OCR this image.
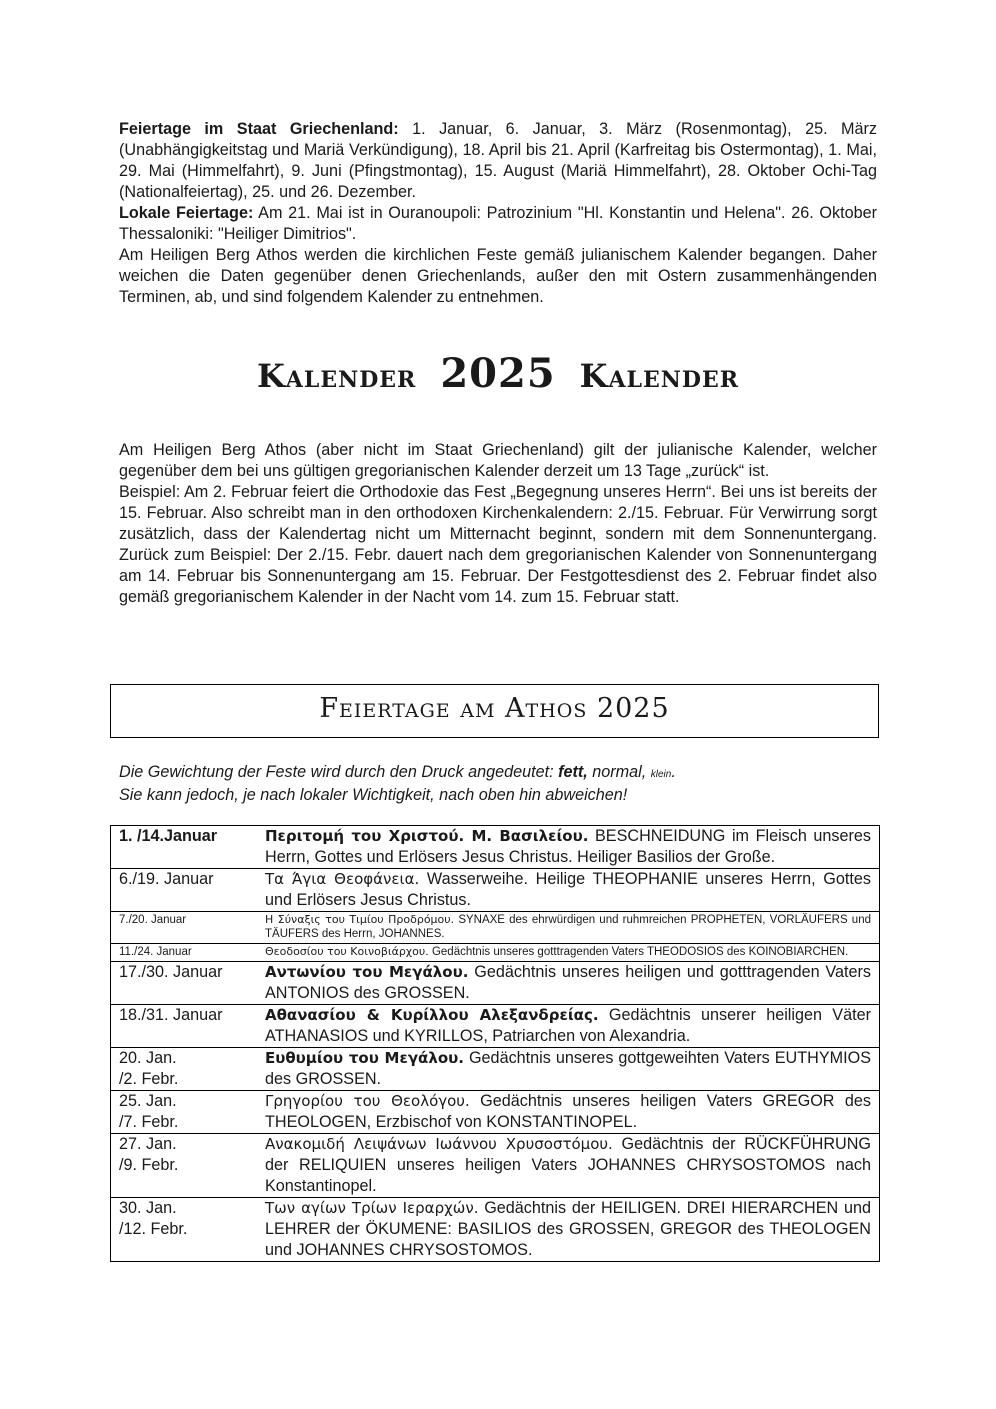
Feiertage im Staat Griechenland: 1. Januar, 6. Januar, 3. März (Rosenmontag), 25. März (Unabhängigkeitstag und Mariä Verkündigung), 18. April bis 21. April (Karfreitag bis Ostermontag), 1. Mai, 29. Mai (Himmelfahrt), 9. Juni (Pfingstmontag), 15. August (Mariä Himmelfahrt), 28. Oktober Ochi-Tag (Nationalfeiertag), 25. und 26. Dezember.

Lokale Feiertage: Am 21. Mai ist in Ouranoupoli: Patrozinium "Hl. Konstantin und Helena". 26. Oktober Thessaloniki: "Heiliger Dimitrios".

Am Heiligen Berg Athos werden die kirchlichen Feste gemäß julianischem Kalender begangen. Daher weichen die Daten gegenüber denen Griechenlands, außer den mit Ostern zusammenhängenden Terminen, ab, und sind folgendem Kalender zu entnehmen.

Kalender 2025 Kalender

Am Heiligen Berg Athos (aber nicht im Staat Griechenland) gilt der julianische Kalender, welcher gegenüber dem bei uns gültigen gregorianischen Kalender derzeit um 13 Tage „zurück“ ist.

Beispiel: Am 2. Februar feiert die Orthodoxie das Fest „Begegnung unseres Herrn“. Bei uns ist bereits der 15. Februar. Also schreibt man in den orthodoxen Kirchenkalendern: 2./15. Februar. Für Verwirrung sorgt zusätzlich, dass der Kalendertag nicht um Mitternacht beginnt, sondern mit dem Sonnenuntergang. Zurück zum Beispiel: Der 2./15. Febr. dauert nach dem gregorianischen Kalender von Sonnenuntergang am 14. Februar bis Sonnenuntergang am 15. Februar. Der Festgottesdienst des 2. Februar findet also gemäß gregorianischem Kalender in der Nacht vom 14. zum 15. Februar statt.

Feiertage am Athos 2025

Die Gewichtung der Feste wird durch den Druck angedeutet: fett, normal, klein.

Sie kann jedoch, je nach lokaler Wichtigkeit, nach oben hin abweichen!

1. /14.Januar	Περιτομή του Χριστού. Μ. Βασιλείου. BESCHNEIDUNG im Fleisch unseres Herrn, Gottes und Erlösers Jesus Christus. Heiliger Basilios der Große.
6./19. Januar	Τα Άγια Θεοφάνεια. Wasserweihe. Heilige THEOPHANIE unseres Herrn, Gottes und Erlösers Jesus Christus.
7./20. Januar	Η Σύναξις του Τιμίου Προδρόμου. SYNAXE des ehrwürdigen und ruhmreichen PROPHETEN, VORLÄUFERS und TÄUFERS des Herrn, JOHANNES.
11./24. Januar	Θεοδοσίου του Κοινοβιάρχου. Gedächtnis unseres gotttragenden Vaters THEODOSIOS des KOINOBIARCHEN.
17./30. Januar	Αντωνίου του Μεγάλου. Gedächtnis unseres heiligen und gotttragenden Vaters ANTONIOS des GROSSEN.
18./31. Januar	Αθανασίου & Κυρίλλου Αλεξανδρείας. Gedächtnis unserer heiligen Väter ATHANASIOS und KYRILLOS, Patriarchen von Alexandria.

20. Jan.
/2. Febr.	Ευθυμίου του Μεγάλου. Gedächtnis unseres gottgeweihten Vaters EUTHYMIOS des GROSSEN.

25. Jan.
/7. Febr.	Γρηγορίου του Θεολόγου. Gedächtnis unseres heiligen Vaters GREGOR des THEOLOGEN, Erzbischof von KONSTANTINOPEL.

27. Jan.
/9. Febr.	Ανακομιδή Λειψάνων Ιωάννου Χρυσοστόμου. Gedächtnis der RÜCKFÜHRUNG der RELIQUIEN unseres heiligen Vaters JOHANNES CHRYSOSTOMOS nach Konstantinopel.

30. Jan.
/12. Febr.	Των αγίων Τρίων Ιεραρχών. Gedächtnis der HEILIGEN. DREI HIERARCHEN und LEHRER der ÖKUMENE: BASILIOS des GROSSEN, GREGOR des THEOLOGEN und JOHANNES CHRYSOSTOMOS.
